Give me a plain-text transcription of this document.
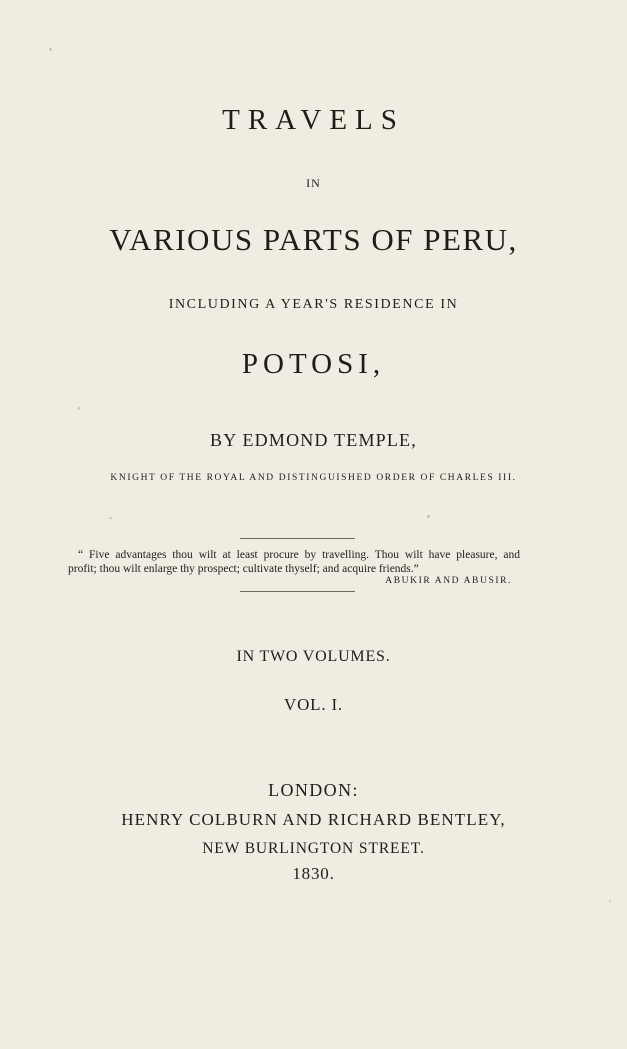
TRAVELS
IN
VARIOUS PARTS OF PERU,
INCLUDING A YEAR'S RESIDENCE IN
POTOSI,
BY EDMOND TEMPLE,
KNIGHT OF THE ROYAL AND DISTINGUISHED ORDER OF CHARLES III.

“ Five advantages thou wilt at least procure by travelling. Thou wilt have pleasure, and

profit; thou wilt enlarge thy prospect; cultivate thyself; and acquire friends.”

ABUKIR AND ABUSIR.
IN TWO VOLUMES.
VOL. I.
LONDON:
HENRY COLBURN AND RICHARD BENTLEY,
NEW BURLINGTON STREET.
1830.
